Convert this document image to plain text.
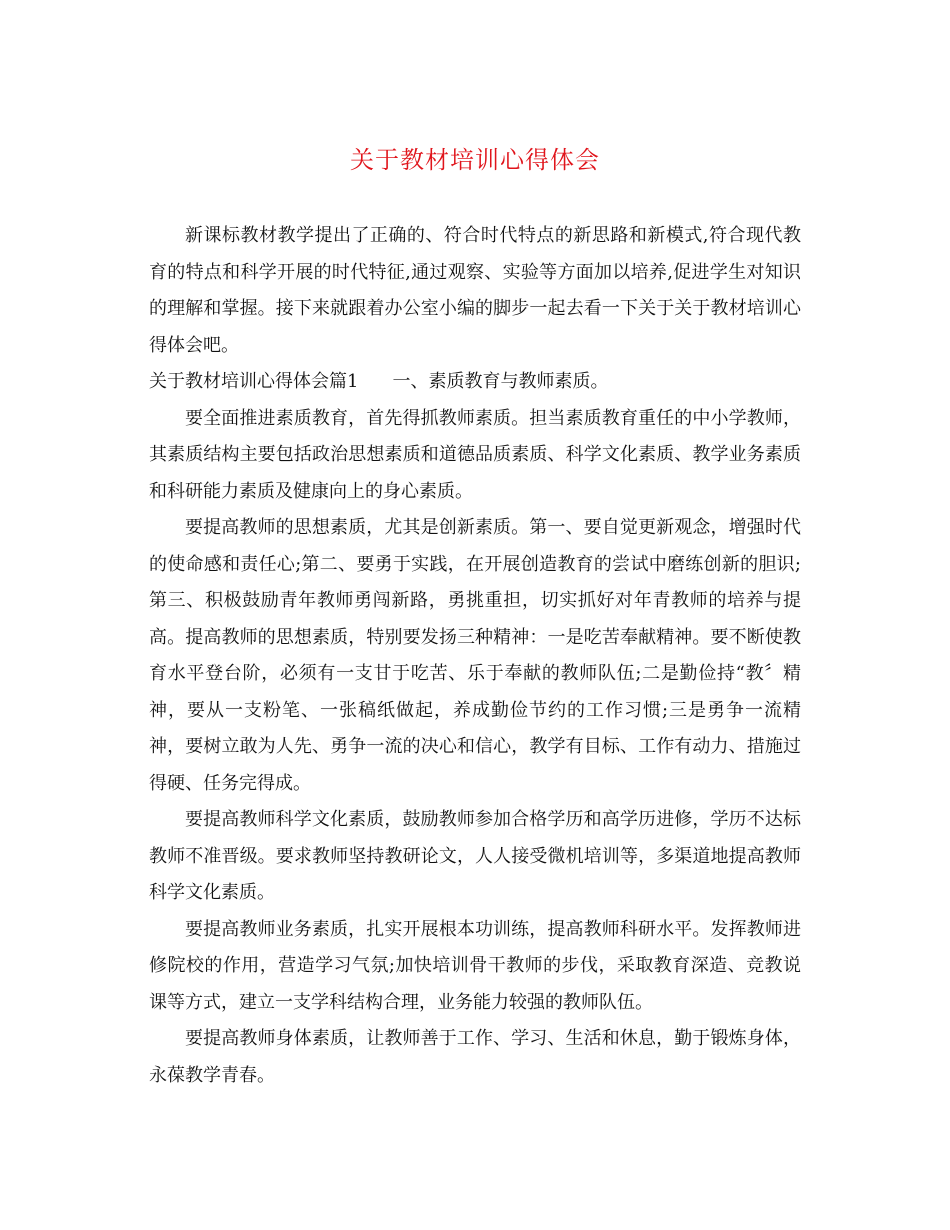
关于教材培训心得体会

新课标教材教学提出了正确的、符合时代特点的新思路和新模式,符合现代教育的特点和科学开展的时代特征,通过观察、实验等方面加以培养,促进学生对知识的理解和掌握。接下来就跟着办公室小编的脚步一起去看一下关于关于教材培训心得体会吧。

关于教材培训心得体会篇1 一、素质教育与教师素质。

要全面推进素质教育，首先得抓教师素质。担当素质教育重任的中小学教师，其素质结构主要包括政治思想素质和道德品质素质、科学文化素质、教学业务素质和科研能力素质及健康向上的身心素质。

要提高教师的思想素质，尤其是创新素质。第一、要自觉更新观念，增强时代的使命感和责任心;第二、要勇于实践，在开展创造教育的尝试中磨练创新的胆识;第三、积极鼓励青年教师勇闯新路，勇挑重担，切实抓好对年青教师的培养与提高。提高教师的思想素质，特别要发扬三种精神：一是吃苦奉献精神。要不断使教育水平登台阶，必须有一支甘于吃苦、乐于奉献的教师队伍;二是勤俭持“教〞精神，要从一支粉笔、一张稿纸做起，养成勤俭节约的工作习惯;三是勇争一流精神，要树立敢为人先、勇争一流的决心和信心，教学有目标、工作有动力、措施过得硬、任务完得成。

要提高教师科学文化素质，鼓励教师参加合格学历和高学历进修，学历不达标教师不准晋级。要求教师坚持教研论文，人人接受微机培训等，多渠道地提高教师科学文化素质。

要提高教师业务素质，扎实开展根本功训练，提高教师科研水平。发挥教师进修院校的作用，营造学习气氛;加快培训骨干教师的步伐，采取教育深造、竞教说课等方式，建立一支学科结构合理，业务能力较强的教师队伍。

要提高教师身体素质，让教师善于工作、学习、生活和休息，勤于锻炼身体，永葆教学青春。
